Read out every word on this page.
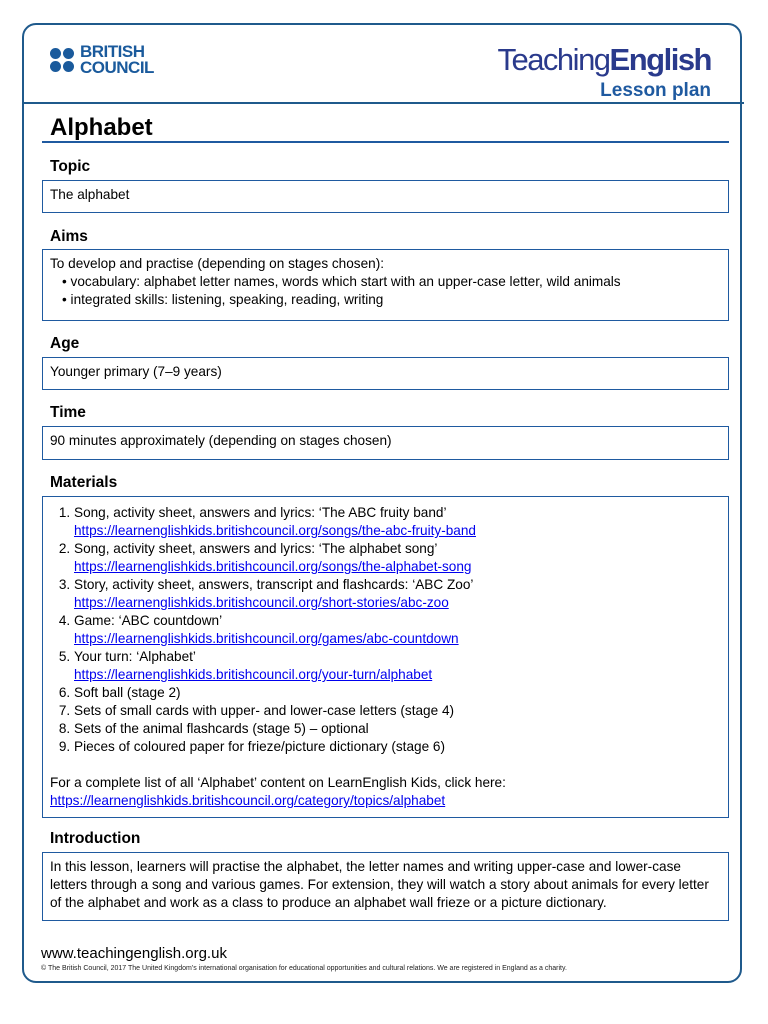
BRITISH
COUNCIL	TeachingEnglish
Lesson plan
Alphabet
Topic
The alphabet
Aims
To develop and practise (depending on stages chosen):
• vocabulary: alphabet letter names, words which start with an upper-case letter, wild animals
• integrated skills: listening, speaking, reading, writing
Age
Younger primary (7–9 years)
Time
90 minutes approximately (depending on stages chosen)
Materials
1. Song, activity sheet, answers and lyrics: ‘The ABC fruity band’
https://learnenglishkids.britishcouncil.org/songs/the-abc-fruity-band
2. Song, activity sheet, answers and lyrics: ‘The alphabet song’
https://learnenglishkids.britishcouncil.org/songs/the-alphabet-song
3. Story, activity sheet, answers, transcript and flashcards: ‘ABC Zoo’
https://learnenglishkids.britishcouncil.org/short-stories/abc-zoo
4. Game: ‘ABC countdown’
https://learnenglishkids.britishcouncil.org/games/abc-countdown
5. Your turn: ‘Alphabet’
https://learnenglishkids.britishcouncil.org/your-turn/alphabet
6. Soft ball (stage 2)
7. Sets of small cards with upper- and lower-case letters (stage 4)
8. Sets of the animal flashcards (stage 5) – optional
9. Pieces of coloured paper for frieze/picture dictionary (stage 6)
For a complete list of all ‘Alphabet’ content on LearnEnglish Kids, click here:
https://learnenglishkids.britishcouncil.org/category/topics/alphabet
Introduction
In this lesson, learners will practise the alphabet, the letter names and writing upper-case and lower-case letters through a song and various games. For extension, they will watch a story about animals for every letter of the alphabet and work as a class to produce an alphabet wall frieze or a picture dictionary.
www.teachingenglish.org.uk
© The British Council, 2017 The United Kingdom’s international organisation for educational opportunities and cultural relations. We are registered in England as a charity.
